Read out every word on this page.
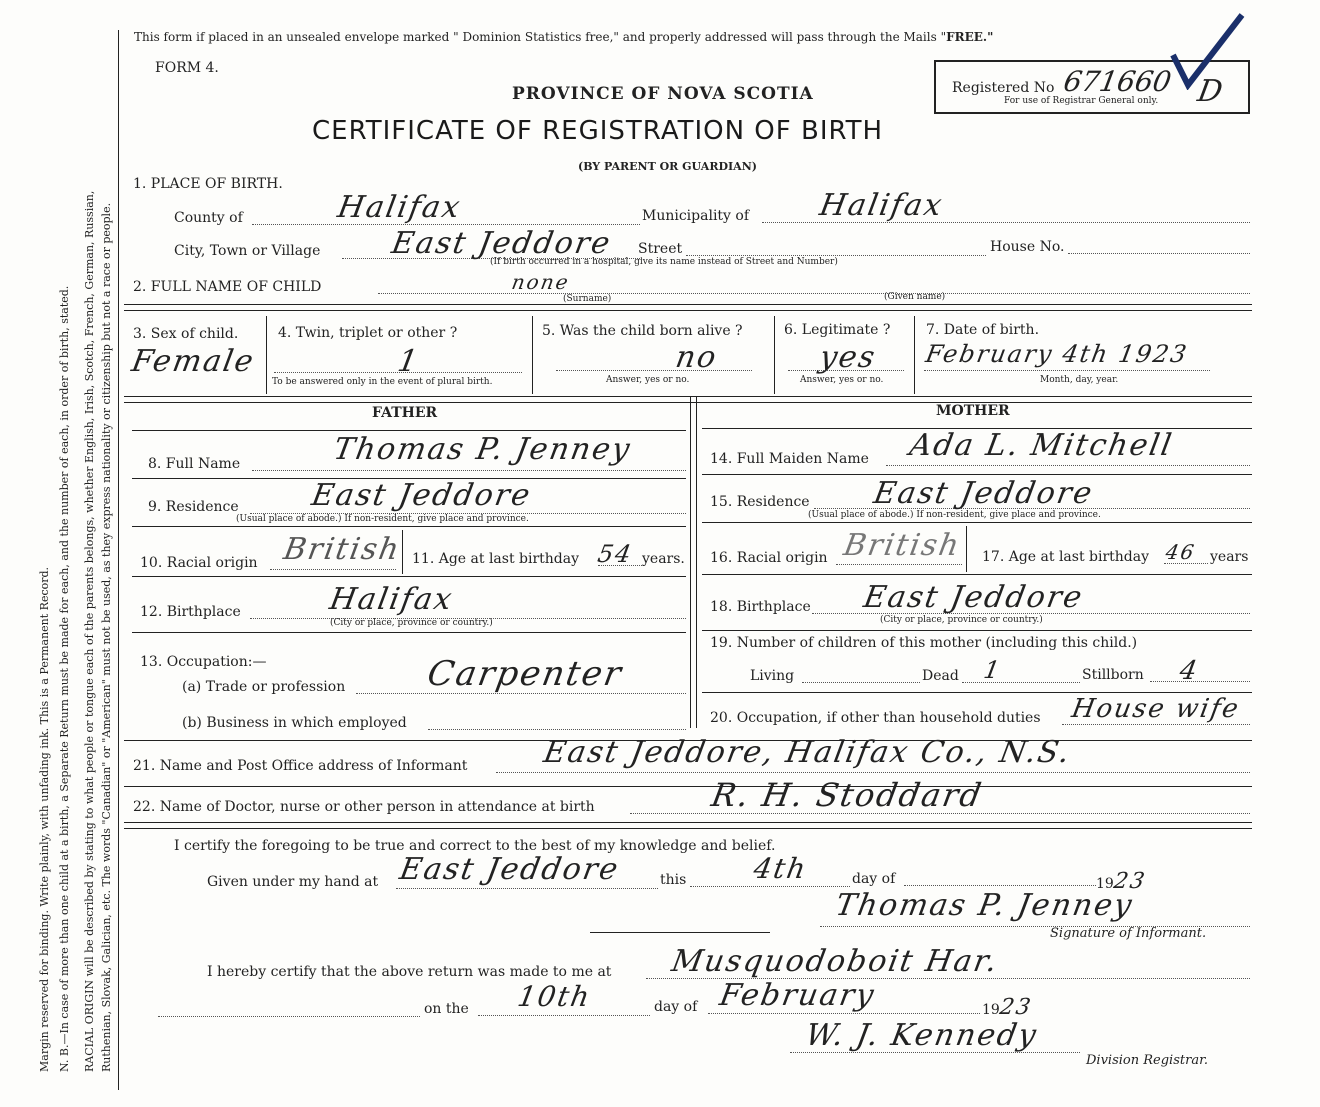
Margin reserved for binding. Write plainly, with unfading ink. This is a Permanent Record. N. B.—In case of more than one child at a birth, a Separate Return must be made for each, and the number of each, in order of birth, stated. RACIAL ORIGIN will be described by stating to what people or tongue each of the parents belongs, whether English, Irish, Scotch, French, German, Russian, Ruthenian, Slovak, Galician, etc. The words "Canadian" or "American" must not be used, as they express nationality or citizenship but not a race or people.
This form if placed in an unsealed envelope marked " Dominion Statistics free," and properly addressed will pass through the Mails "FREE."
FORM 4.
PROVINCE OF NOVA SCOTIA
CERTIFICATE OF REGISTRATION OF BIRTH
(BY PARENT OR GUARDIAN)
Registered No 671660
For use of Registrar General only. D
1. PLACE OF BIRTH.
County of	Halifax	Municipality of Halifax
City, Town or Village East Jeddore Street	House No.
(If birth occurred in a hospital, give its name instead of Street and Number)
2. FULL NAME OF CHILD	none
(Surname)	(Given name)
3. Sex of child.
Female
4. Twin, triplet or other ?
1
To be answered only in the event of plural birth.
5. Was the child born alive ?
no
Answer, yes or no.
6. Legitimate ?
yes
Answer, yes or no.
7. Date of birth.
February 4th 1923
Month, day, year.
FATHER
8. Full Name	Thomas P. Jenney
9. Residence East Jeddore
(Usual place of abode.) If non-resident, give place and province.
10. Racial origin British 11. Age at last birthday 54 years.
12. Birthplace	Halifax
(City or place, province or country.)
13. Occupation:—
(a) Trade or profession Carpenter
(b) Business in which employed
MOTHER
14. Full Maiden Name Ada L. Mitchell
15. Residence East Jeddore
(Usual place of abode.) If non-resident, give place and province.
16. Racial origin British 17. Age at last birthday 46 years
18. Birthplace East Jeddore
(City or place, province or country.)
19. Number of children of this mother (including this child.)
Living	Dead 1	Stillborn 4
20. Occupation, if other than household duties House wife
21. Name and Post Office address of Informant East Jeddore, Halifax Co., N.S.
22. Name of Doctor, nurse or other person in attendance at birth	R. H. Stoddard
I certify the foregoing to be true and correct to the best of my knowledge and belief.
Given under my hand at East Jeddore	this 4th	day of	1923
Thomas P. Jenney
Signature of Informant.
I hereby certify that the above return was made to me at Musquodoboit Har.
on the 10th	day of February	1923
W. J. Kennedy
Division Registrar.
